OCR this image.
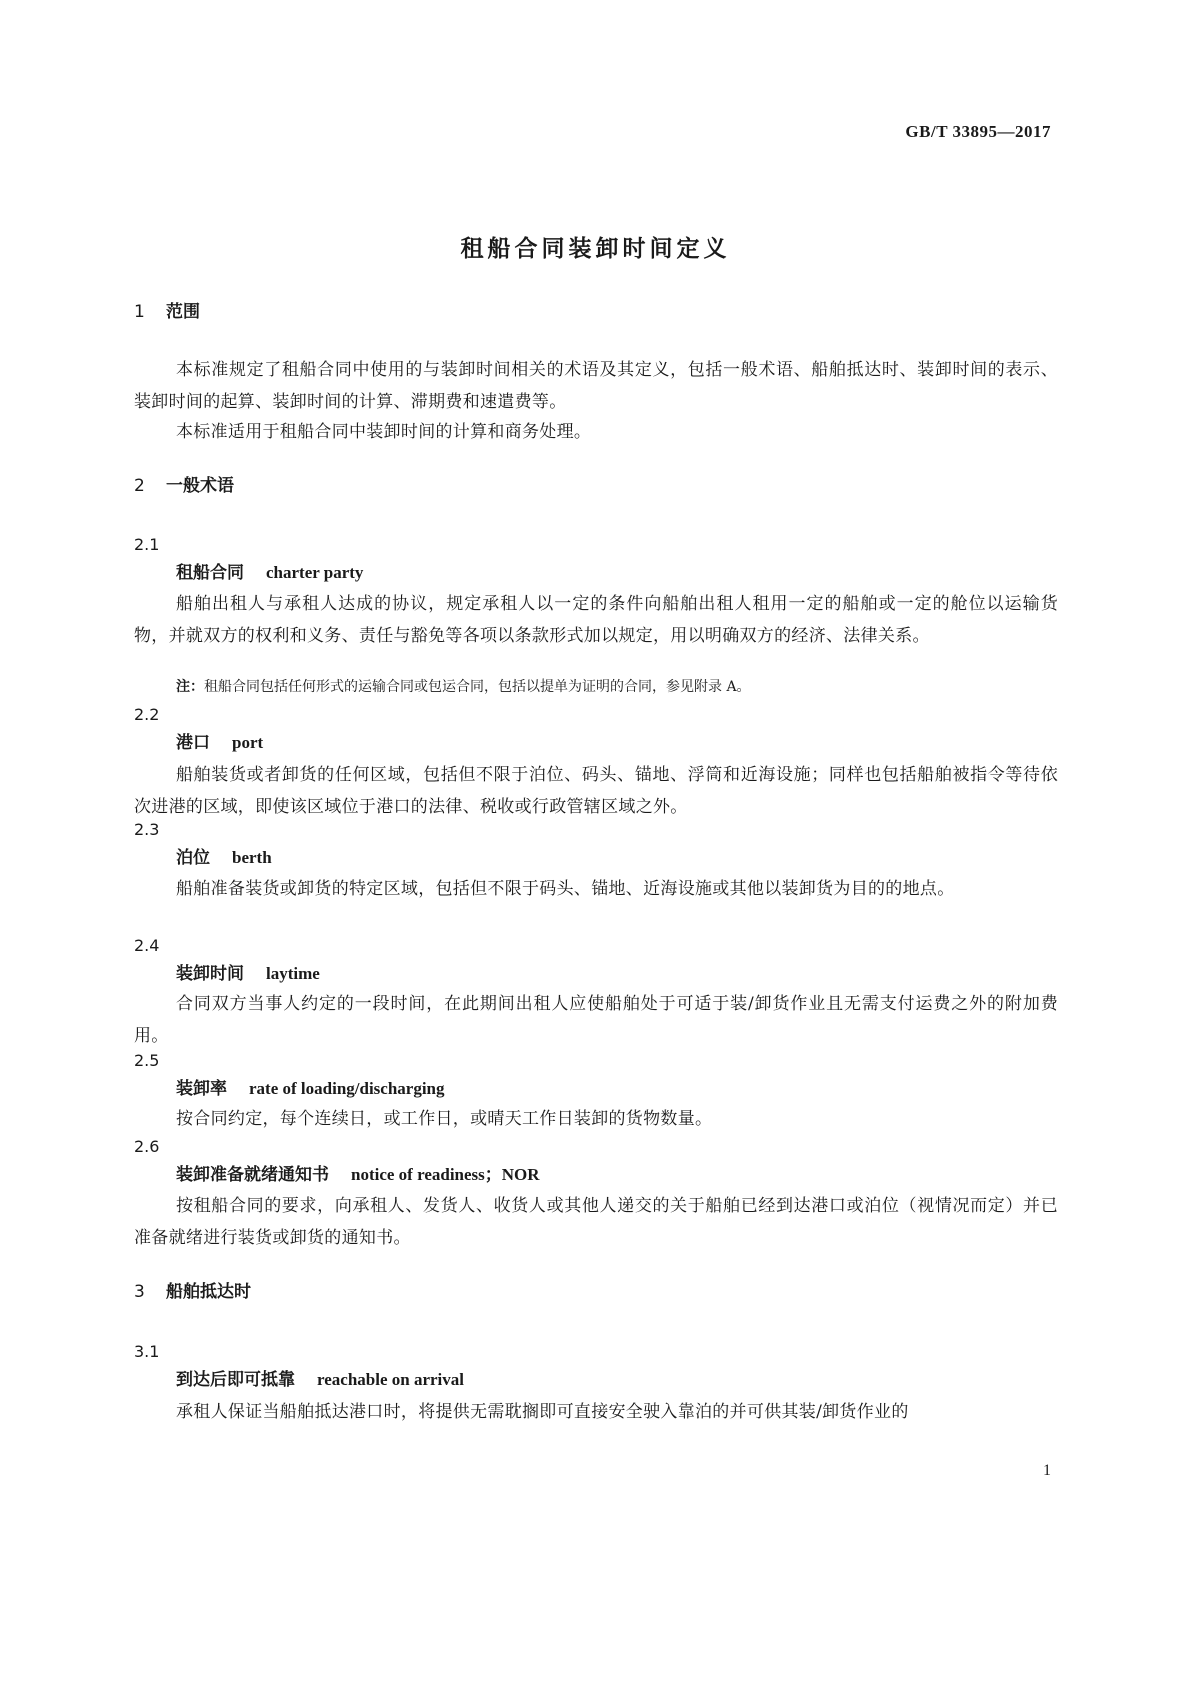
GB/T 33895—2017
租船合同装卸时间定义
1 范围
本标准规定了租船合同中使用的与装卸时间相关的术语及其定义，包括一般术语、船舶抵达时、装卸时间的表示、装卸时间的起算、装卸时间的计算、滞期费和速遣费等。
本标准适用于租船合同中装卸时间的计算和商务处理。
2 一般术语
2.1
租船合同 charter party
船舶出租人与承租人达成的协议，规定承租人以一定的条件向船舶出租人租用一定的船舶或一定的舱位以运输货物，并就双方的权利和义务、责任与豁免等各项以条款形式加以规定，用以明确双方的经济、法律关系。
注：租船合同包括任何形式的运输合同或包运合同，包括以提单为证明的合同，参见附录 A。
2.2
港口 port
船舶装货或者卸货的任何区域，包括但不限于泊位、码头、锚地、浮筒和近海设施；同样也包括船舶被指令等待依次进港的区域，即使该区域位于港口的法律、税收或行政管辖区域之外。
2.3
泊位 berth
船舶准备装货或卸货的特定区域，包括但不限于码头、锚地、近海设施或其他以装卸货为目的的地点。
2.4
装卸时间 laytime
合同双方当事人约定的一段时间，在此期间出租人应使船舶处于可适于装/卸货作业且无需支付运费之外的附加费用。
2.5
装卸率 rate of loading/discharging
按合同约定，每个连续日，或工作日，或晴天工作日装卸的货物数量。
2.6
装卸准备就绪通知书 notice of readiness；NOR
按租船合同的要求，向承租人、发货人、收货人或其他人递交的关于船舶已经到达港口或泊位（视情况而定）并已准备就绪进行装货或卸货的通知书。
3 船舶抵达时
3.1
到达后即可抵靠 reachable on arrival
承租人保证当船舶抵达港口时，将提供无需耽搁即可直接安全驶入靠泊的并可供其装/卸货作业的
1
